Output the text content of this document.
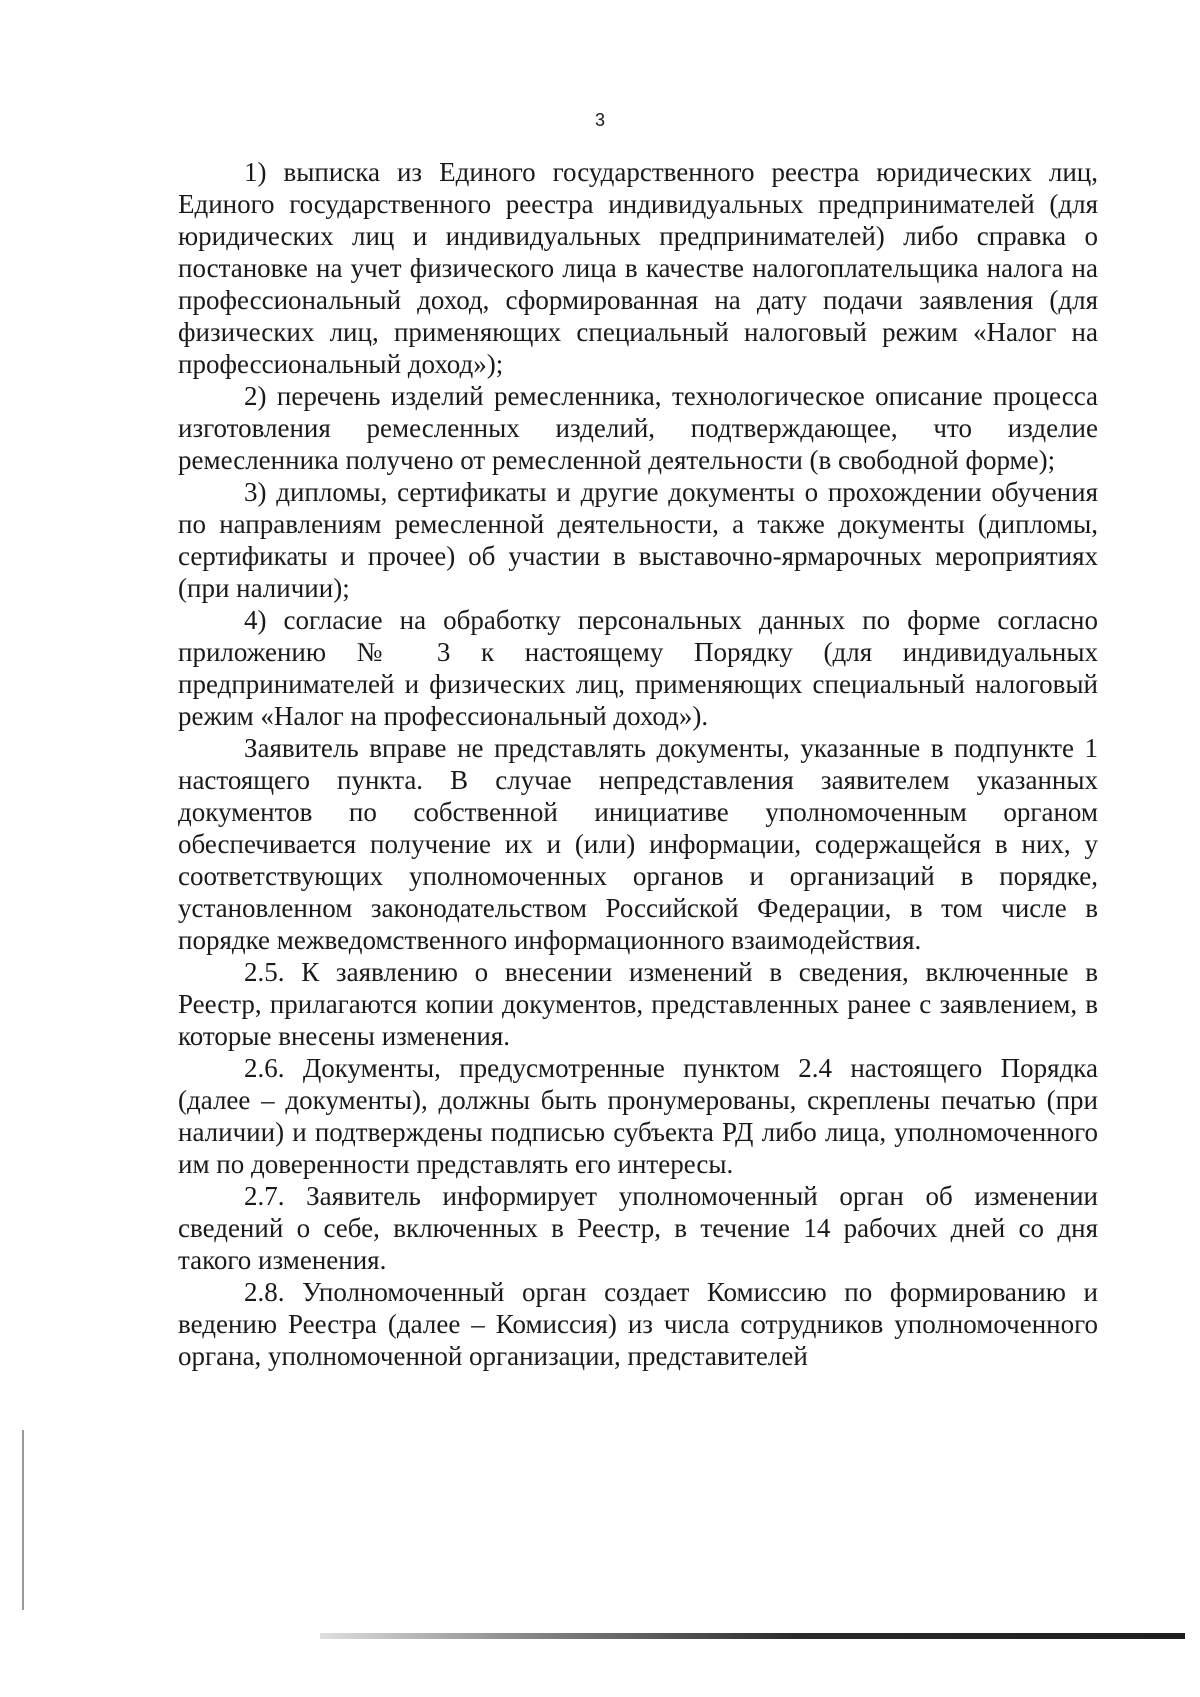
3

1) выписка из Единого государственного реестра юридических лиц, Единого государственного реестра индивидуальных предпринимателей (для юридических лиц и индивидуальных предпринимателей) либо справка о постановке на учет физического лица в качестве налогоплательщика налога на профессиональный доход, сформированная на дату подачи заявления (для физических лиц, применяющих специальный налоговый режим «Налог на профессиональный доход»);

2) перечень изделий ремесленника, технологическое описание процесса изготовления ремесленных изделий, подтверждающее, что изделие ремесленника получено от ремесленной деятельности (в свободной форме);

3) дипломы, сертификаты и другие документы о прохождении обучения по направлениям ремесленной деятельности, а также документы (дипломы, сертификаты и прочее) об участии в выставочно-ярмарочных мероприятиях (при наличии);

4) согласие на обработку персональных данных по форме согласно приложению № 3 к настоящему Порядку (для индивидуальных предпринимателей и физических лиц, применяющих специальный налоговый режим «Налог на профессиональный доход»).

Заявитель вправе не представлять документы, указанные в подпункте 1 настоящего пункта. В случае непредставления заявителем указанных документов по собственной инициативе уполномоченным органом обеспечивается получение их и (или) информации, содержащейся в них, у соответствующих уполномоченных органов и организаций в порядке, установленном законодательством Российской Федерации, в том числе в порядке межведомственного информационного взаимодействия.

2.5. К заявлению о внесении изменений в сведения, включенные в Реестр, прилагаются копии документов, представленных ранее с заявлением, в которые внесены изменения.

2.6. Документы, предусмотренные пунктом 2.4 настоящего Порядка (далее – документы), должны быть пронумерованы, скреплены печатью (при наличии) и подтверждены подписью субъекта РД либо лица, уполномоченного им по доверенности представлять его интересы.

2.7. Заявитель информирует уполномоченный орган об изменении сведений о себе, включенных в Реестр, в течение 14 рабочих дней со дня такого изменения.

2.8. Уполномоченный орган создает Комиссию по формированию и ведению Реестра (далее – Комиссия) из числа сотрудников уполномоченного органа, уполномоченной организации, представителей
